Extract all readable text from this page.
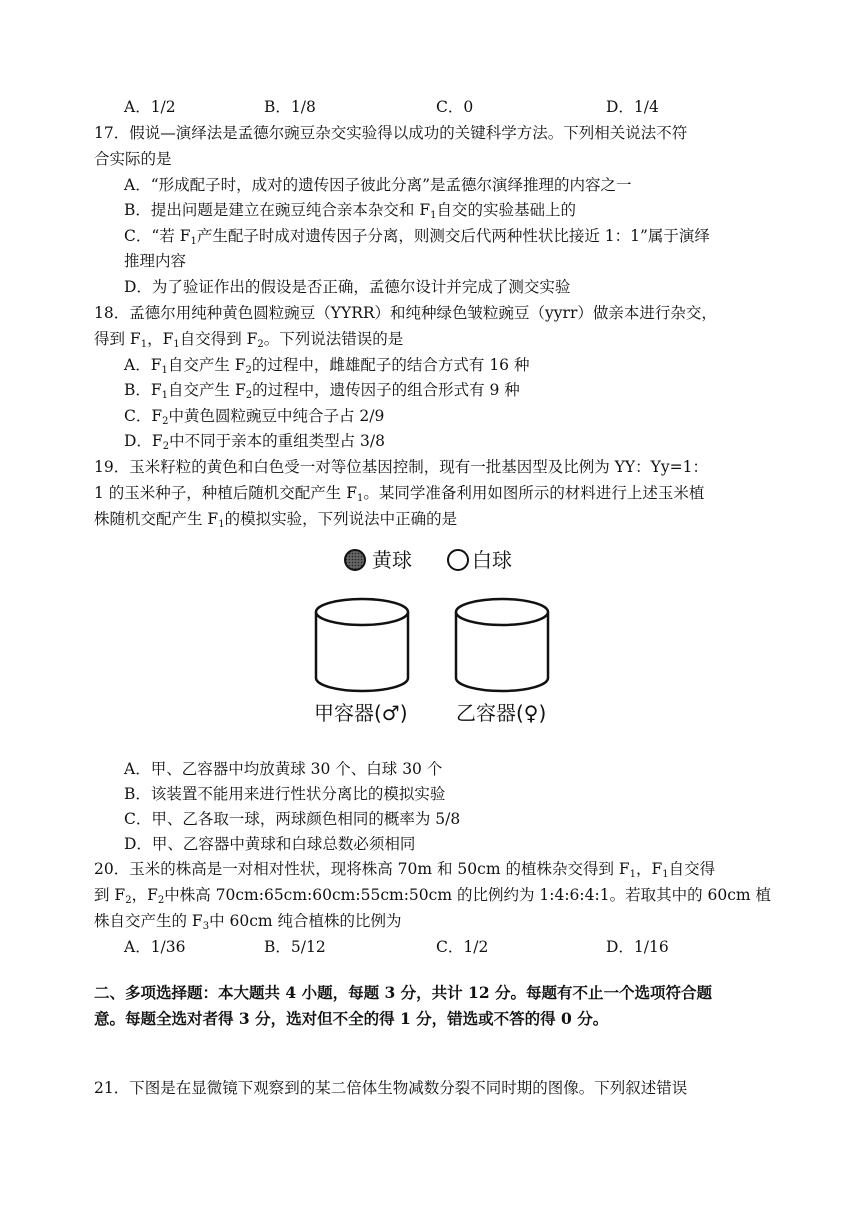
A．1/2	B．1/8	C．0	D．1/4
17．假说—演绎法是孟德尔豌豆杂交实验得以成功的关键科学方法。下列相关说法不符
合实际的是
A．“形成配子时，成对的遗传因子彼此分离”是孟德尔演绎推理的内容之一
B．提出问题是建立在豌豆纯合亲本杂交和 $F_1$自交的实验基础上的
C．“若 $F_1$产生配子时成对遗传因子分离，则测交后代两种性状比接近 1：1”属于演绎
推理内容
D．为了验证作出的假设是否正确，孟德尔设计并完成了测交实验
18．孟德尔用纯种黄色圆粒豌豆（YYRR）和纯种绿色皱粒豌豆（yyrr）做亲本进行杂交，
得到 $F_1$，$F_1$自交得到 $F_2$。下列说法错误的是
A．$F_1$自交产生 $F_2$的过程中，雌雄配子的结合方式有 16 种
B．$F_1$自交产生 $F_2$的过程中，遗传因子的组合形式有 9 种
C．$F_2$中黄色圆粒豌豆中纯合子占 2/9
D．$F_2$中不同于亲本的重组类型占 3/8
19．玉米籽粒的黄色和白色受一对等位基因控制，现有一批基因型及比例为 YY：Yy=1：
1 的玉米种子，种植后随机交配产生 $F_1$。某同学准备利用如图所示的材料进行上述玉米植
株随机交配产生 $F_1$的模拟实验，下列说法中正确的是
黄球	白球
甲容器(♂) 乙容器(♀)
A．甲、乙容器中均放黄球 30 个、白球 30 个
B．该装置不能用来进行性状分离比的模拟实验
C．甲、乙各取一球，两球颜色相同的概率为 5/8
D．甲、乙容器中黄球和白球总数必须相同
20．玉米的株高是一对相对性状，现将株高 70m 和 50cm 的植株杂交得到 $F_1$，$F_1$自交得
到 $F_2$，$F_2$中株高 70cm:65cm:60cm:55cm:50cm 的比例约为 1:4:6:4:1。若取其中的 60cm 植
株自交产生的 $F_3$中 60cm 纯合植株的比例为
A．1/36	B．5/12	C．1/2	D．1/16
二、多项选择题：本大题共 4 小题，每题 3 分，共计 12 分。每题有不止一个选项符合题
意。每题全选对者得 3 分，选对但不全的得 1 分，错选或不答的得 0 分。
21．下图是在显微镜下观察到的某二倍体生物减数分裂不同时期的图像。下列叙述错误
